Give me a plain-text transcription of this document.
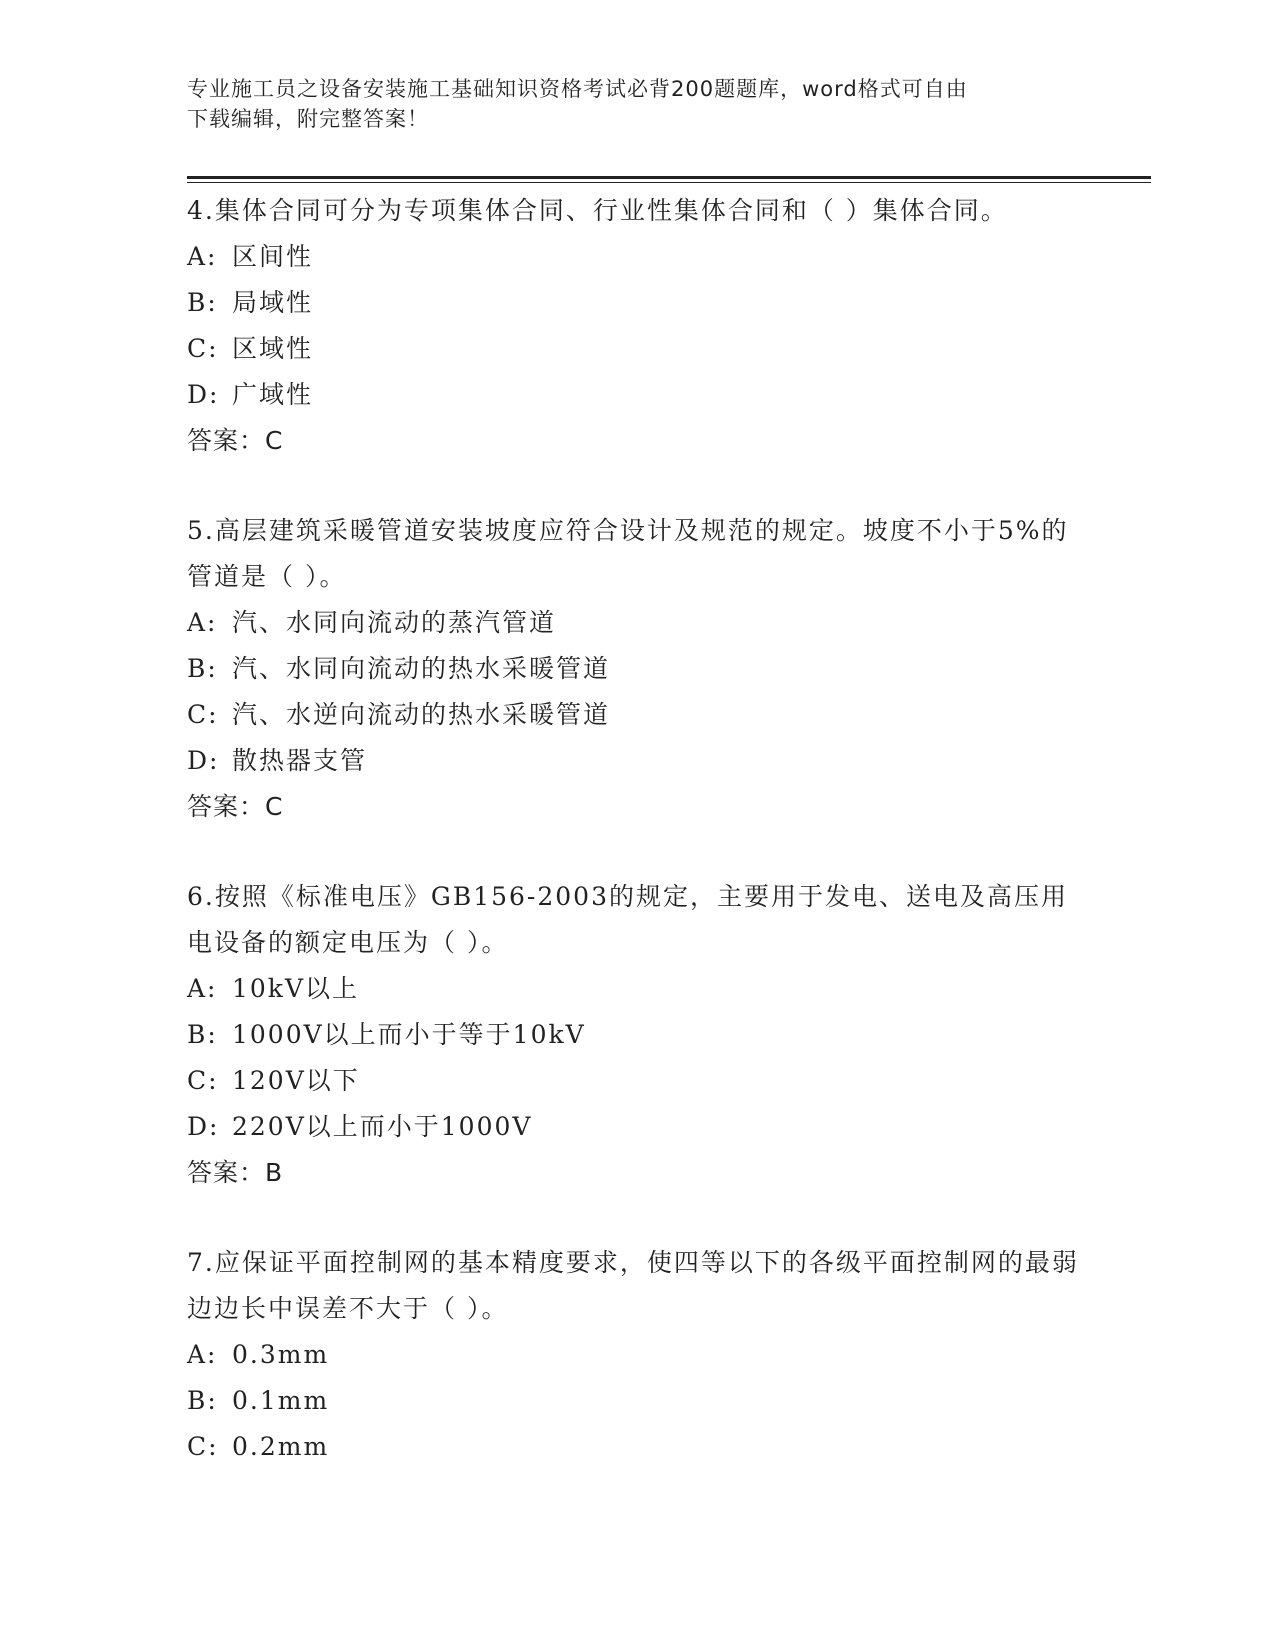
专业施工员之设备安装施工基础知识资格考试必背200题题库，word格式可自由
下载编辑，附完整答案！

4.集体合同可分为专项集体合同、行业性集体合同和（ ）集体合同。

A: 区间性

B: 局域性

C: 区域性

D: 广域性

答案：C

5.高层建筑采暖管道安装坡度应符合设计及规范的规定。坡度不小于5%的管道是（ ）。

A: 汽、水同向流动的蒸汽管道

B: 汽、水同向流动的热水采暖管道

C: 汽、水逆向流动的热水采暖管道

D: 散热器支管

答案：C

6.按照《标准电压》GB156-2003的规定，主要用于发电、送电及高压用电设备的额定电压为（ ）。

A: 10kV以上

B: 1000V以上而小于等于10kV

C: 120V以下

D: 220V以上而小于1000V

答案：B

7.应保证平面控制网的基本精度要求，使四等以下的各级平面控制网的最弱边边长中误差不大于（ ）。

A: 0.3mm

B: 0.1mm

C: 0.2mm
